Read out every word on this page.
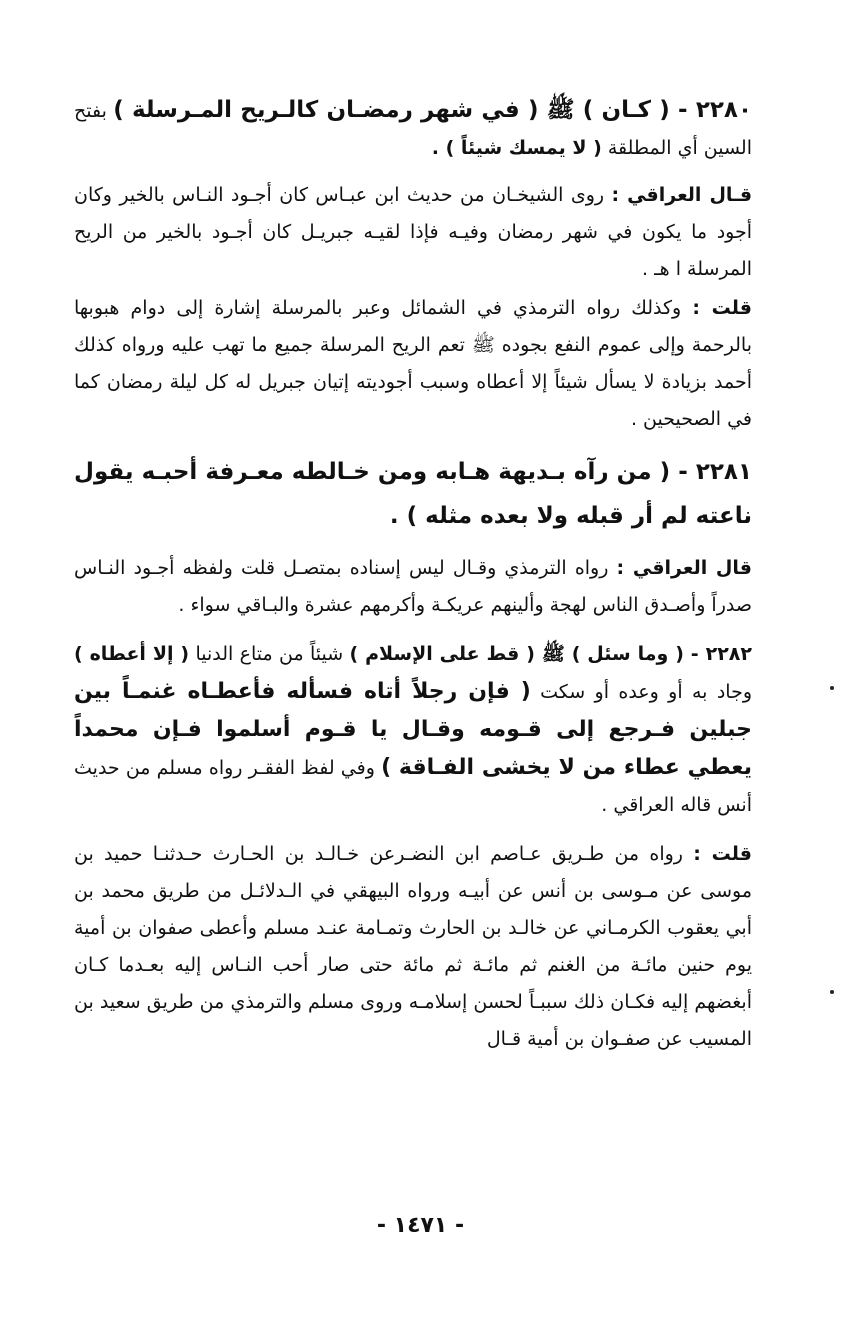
٢٢٨٠ - ( كـان ) ﷺ ( في شهر رمضـان كالـريح المـرسلة ) بفتح السين أي المطلقة ( لا يمسك شيئاً ) .

قـال العراقي : روى الشيخـان من حديث ابن عبـاس كان أجـود النـاس بالخير وكان أجود ما يكون في شهر رمضان وفيـه فإذا لقيـه جبريـل كان أجـود بالخير من الريح المرسلة ا هـ .

قلت : وكذلك رواه الترمذي في الشمائل وعبر بالمرسلة إشارة إلى دوام هبوبها بالرحمة وإلى عموم النفع بجوده ﷺ تعم الريح المرسلة جميع ما تهب عليه ورواه كذلك أحمد بزيادة لا يسأل شيئاً إلا أعطاه وسبب أجوديته إتيان جبريل له كل ليلة رمضان كما في الصحيحين .

٢٢٨١ - ( من رآه بـديهة هـابه ومن خـالطه معـرفة أحبـه يقول ناعته لم أر قبله ولا بعده مثله ) .

قال العراقي : رواه الترمذي وقـال ليس إسناده بمتصـل قلت ولفظه أجـود النـاس صدراً وأصـدق الناس لهجة وألينهم عريكـة وأكرمهم عشرة والبـاقي سواء .

٢٢٨٢ - ( وما سئل ) ﷺ ( قط على الإسلام ) شيئاً من متاع الدنيا ( إلا أعطاه ) وجاد به أو وعده أو سكت ( فإن رجلاً أتاه فسأله فأعطـاه غنمـاً بين جبلين فـرجع إلى قـومه وقـال يا قـوم أسلموا فـإن محمداً يعطي عطاء من لا يخشى الفـاقة ) وفي لفظ الفقـر رواه مسلم من حديث أنس قاله العراقي .

قلت : رواه من طـريق عـاصم ابن النضـرعن خـالـد بن الحـارث حـدثنـا حميد بن موسى عن مـوسى بن أنس عن أبيـه ورواه البيهقي في الـدلائـل من طريق محمد بن أبي يعقوب الكرمـاني عن خالـد بن الحارث وتمـامة عنـد مسلم وأعطى صفوان بن أمية يوم حنين مائـة من الغنم ثم مائـة ثم مائة حتى صار أحب النـاس إليه بعـدما كـان أبغضهم إليه فكـان ذلك سببـاً لحسن إسلامـه وروى مسلم والترمذي من طريق سعيد بن المسيب عن صفـوان بن أمية قـال

- ١٤٧١ -
